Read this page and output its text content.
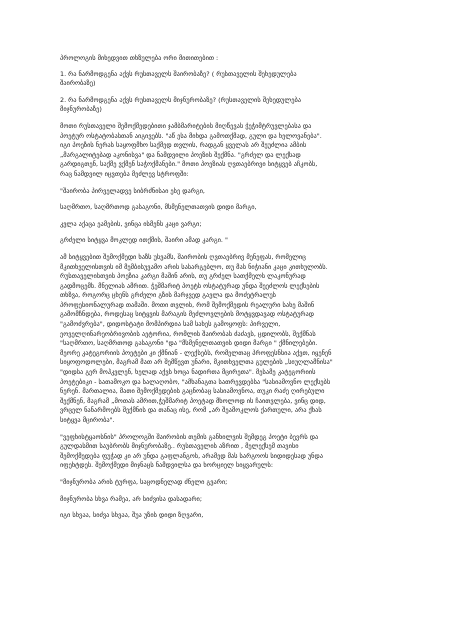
პროლოგის მიხედვით თხზულება ორი მითითებით :

1. რა ნარმოდგენა აქვს რუსთაველს შაირობაზე? ( რუსთაველის შეხედულება
შაირობაზე)

2. რა ნარმოდგენა აქვს რუსთაველს მიჯნურობაზე? (რუსთაველის შეხედულება
მიჯნურობაზე)

მოთი რუსთაველი შემოქმედებითი ჯამბმარიტების მიღწევას ჭეჭიმტრუვლებასა და
პოეტურ ოსტატობასთან აიგივებს. "აწ ესა მიხდა გამოთქმად, გული და ხელოვანება".
იგი პოეზის ნერას საყოფმხო საქმედ თვლის, რადგან ყველას არ შეუძლია ამბის
„მარგალიტებად აკონისვა" და ნამდვილი პოეზის შექმნა. "გრძელ და ლექსად
გარდიგთენ, საქმე ვქმენ საჭოქმანები." მოთი პოეზიას ღვთაებრივი სიტყვებ აჩკობს,
რაც ნამდვილ იცვთება მეძლევ სტროფში:

"შაირობა პირველადვე სიბრძნისაი ესე დარგი,

საღმრთო, საღმრთოდ გასაგონი, მსმენელთათვის დიდი მარგი,

კვლა აქაცა ეამების, ვინცა ისმენს კაცი ვარგი;

გრძელი სიტყვა მოკლედ ითქმის, შაირი ამად კარგი. "

ამ სიტყვებით შემოქმედი ხაზს უსვამს, შაირობის ღვთაებრივ მენეფას, რომელიც
მკითხველისთვის იმ მემბისუვამო არის სასარგებლო, თუ მას ნიჭიანი კაცი კითხულობს.
რუსთაველისთვის პოეზია კარგი მაშინ არის, თუ გრძელ სათქმელს ლაკონურად
გადმოცემს. მნელიას ამრით. ჭეშმარიტ პოეტს ოსტატურად უნდა შეეძლოს ლექსების
თხზვა, როგორც ცხენს გრძელი გზის მარჯვედ გავლა და მოძეტრალუს
პროფესიონალურად თამაში. მოთი თვლის, რომ შემოქმედის რეალური სახე მაშინ
გამომჩნდება, როდესაც სიტყვის მარაგის მეძლოვლების მოტყვდავად ოსტატურად
"გამოძვრება", დიდოსტატი მომპირდია სამ სახეს გამოყოფს: პირველი,
ეოველღინარეობრივობის აეტორია, რომლის შაირობას ძაძავს, ცდილობს, შექმნას
"საღმრთო, საღმრთოდ გასაგონი "და "მსმენელთათვის დიდი მარგი " ქმნილებები.
მეორე კატეგორიის პოეტები კი ქმნიან - ლექსებს, რომელთაც პროფესნსია აქვთ, იყენენ
სიყოფოდოლები, მაგრამ მათ არ შემწევთ უნარი, მკითხველთა გულების „სიუღლამნისა"
"დიდსა გერ მოჰკვლენ, ხელად აქვს ხოცა ნადირთა მცირეთა". მესამე კატეგორიის
პოეტებიკი - სათამოკო და სალაღობო, "ამხანაგთა სათრევდებსა "სასიამოვნო ლექსებს
ნერენ. მართალია, მათი შემოქმედების გაცნობაც სასიამოვნოა, თუკი რაძე ღირებული
შექმნენ, მაგრამ „მოთას ამრით,ჭეშმარიტ პოეტად მხოლოდ ის ჩაითვლება, ვინც დიდ,
ვრცელ ნანარმოებს შექმნის და თანაც ისე, რომ „არ შეამოკლოს ქართული, არა ქხას
სიტყვა მცირობა".

"ვეფხისტყაოსნის" პროლოგში შაირობის თემის განხილვის შემდეგ პოეტი ბევრს და
გულდასმით საუბრობს მიჯნურობაზე.. რუსთაველის აზრით , მელექსემ თავისი
შემოქმედება ფუჭად კი არ უნდა გაფლანგოს, არამედ მას სარგოოს სიდიდესად უნდა
იფეხტდეს. შემოქმედი მიჯნაცს ნამდვილსა და ხორციელ სიყვარულს:

"მიჯნურობა არის ტურფა, საცოდნელად ძნელი გვარი;

მიჯნურობა სხვა რამეა, არ სიძვისა დასადარი;

იგი სხვაა, სიძვა სხვაა, შუა უზის დიდი ზღვარი,
